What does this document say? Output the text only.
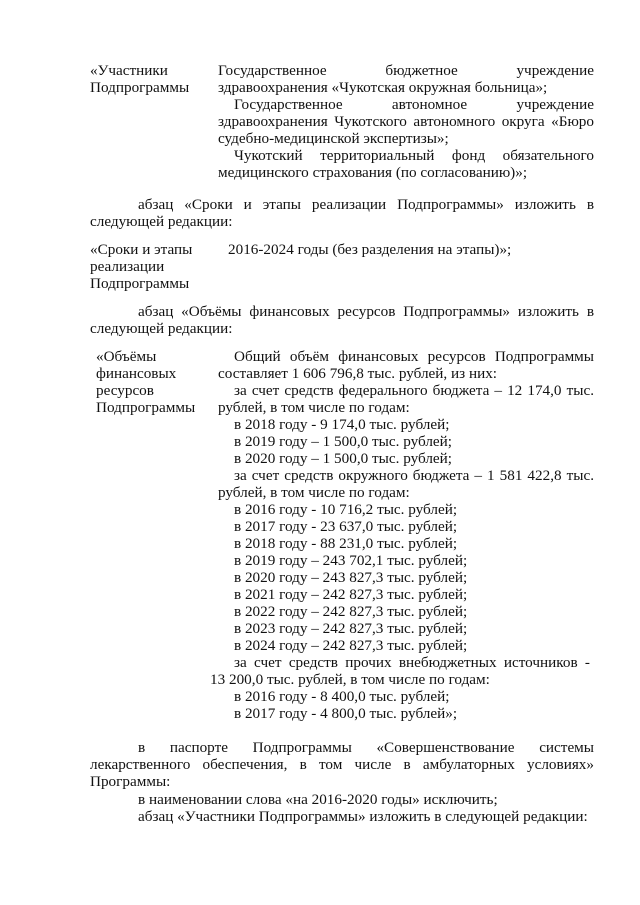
«Участники
Подпрограммы
Государственное бюджетное учреждение
здравоохранения «Чукотская окружная больница»;
Государственное автономное учреждение
здравоохранения Чукотского автономного округа «Бюро
судебно-медицинской экспертизы»;
Чукотский территориальный фонд обязательного
медицинского страхования (по согласованию)»;
абзац «Сроки и этапы реализации Подпрограммы» изложить в
следующей редакции:
«Сроки и этапы
реализации
Подпрограммы
2016-2024 годы (без разделения на этапы)»;
абзац «Объёмы финансовых ресурсов Подпрограммы» изложить в
следующей редакции:
«Объёмы
финансовых
ресурсов
Подпрограммы
Общий объём финансовых ресурсов Подпрограммы
составляет 1 606 796,8 тыс. рублей, из них:
за счет средств федерального бюджета – 12 174,0 тыс.
рублей, в том числе по годам:
в 2018 году - 9 174,0 тыс. рублей;
в 2019 году – 1 500,0 тыс. рублей;
в 2020 году – 1 500,0 тыс. рублей;
за счет средств окружного бюджета – 1 581 422,8 тыс.
рублей, в том числе по годам:
в 2016 году - 10 716,2 тыс. рублей;
в 2017 году - 23 637,0 тыс. рублей;
в 2018 году - 88 231,0 тыс. рублей;
в 2019 году – 243 702,1 тыс. рублей;
в 2020 году – 243 827,3 тыс. рублей;
в 2021 году – 242 827,3 тыс. рублей;
в 2022 году – 242 827,3 тыс. рублей;
в 2023 году – 242 827,3 тыс. рублей;
в 2024 году – 242 827,3 тыс. рублей;
за счет средств прочих внебюджетных источников -
13 200,0 тыс. рублей, в том числе по годам:
в 2016 году - 8 400,0 тыс. рублей;
в 2017 году - 4 800,0 тыс. рублей»;
в паспорте Подпрограммы «Совершенствование системы
лекарственного обеспечения, в том числе в амбулаторных условиях»
Программы:
в наименовании слова «на 2016-2020 годы» исключить;
абзац «Участники Подпрограммы» изложить в следующей редакции:
